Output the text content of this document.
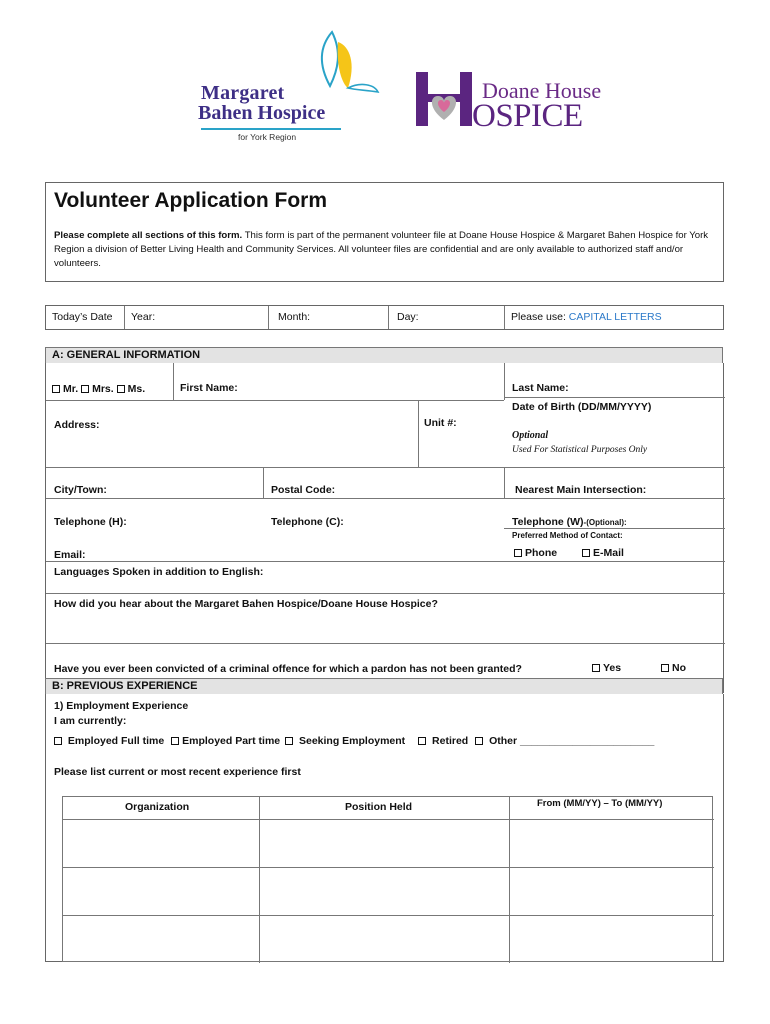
Margaret
Bahen Hospice
for York Region
Doane House
OSPICE
Volunteer Application Form
Please complete all sections of this form. This form is part of the permanent volunteer file at Doane House Hospice & Margaret Bahen Hospice for York Region a division of Better Living Health and Community Services. All volunteer files are confidential and are only available to authorized staff and/or volunteers.
Today’s Date Year:	Month:	Day:	Please use: CAPITAL LETTERS
A: GENERAL INFORMATION
Mr. Mrs. Ms.	First Name:	Last Name:
Date of Birth (DD/MM/YYYY)
Address:	Unit #:
Optional
Used For Statistical Purposes Only
City/Town:	Postal Code:	Nearest Main Intersection:
Telephone (H):	Telephone (C):	Telephone (W)-(Optional):
Preferred Method of Contact:
Phone	E-Mail
Email:
Languages Spoken in addition to English:
How did you hear about the Margaret Bahen Hospice/Doane House Hospice?
Have you ever been convicted of a criminal offence for which a pardon has not been granted?	Yes	No
B: PREVIOUS EXPERIENCE
1) Employment Experience
I am currently:
Employed Full time Employed Part time Seeking Employment	Retired Other _______________________
Please list current or most recent experience first
Organization	Position Held	From (MM/YY) – To (MM/YY)
